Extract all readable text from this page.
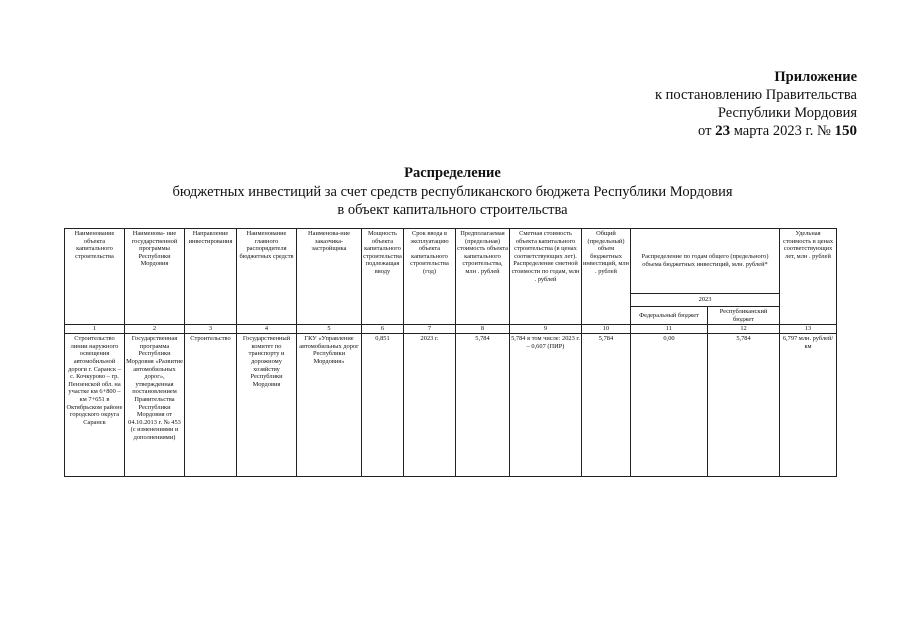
Приложение
к постановлению Правительства
Республики Мордовия
от 23 марта 2023 г. № 150
Распределение
бюджетных инвестиций за счет средств республиканского бюджета Республики Мордовия
в объект капитального строительства
Наименование объекта капитального строительства	Наименова- ние государственной программы Республики Мордовия	Направление инвестирования	Наименование главного распорядителя бюджетных средств	Наименова-ние заказчика-застройщика	Мощность объекта капитального строительства подлежащая вводу	Срок ввода в эксплуатацию объекта капитального строительства (год)	Предполагаемая (предельная) стоимость объекта капитального строительства, млн . рублей	Сметная стоимость объекта капитального строительства (в ценах соответствующих лет). Распределение сметной стоимости по годам, млн . рублей	Общий (предельный) объем бюджетных инвестиций, млн . рублей	Распределение по годам общего (предельного) объема бюджетных инвестиций, млн. рублей*		Удельная стоимость в ценах соответствующих лет, млн . рублей
										2023		
										Федеральный бюджет	Республиканский бюджет	
1	2	3	4	5	6	7	8	9	10	11	12	13
Строительство линии наружного освещения автомобильной дороги г. Саранск – с. Кочкурово – гр. Пензенской обл. на участке км 6+800 – км 7+651 в Октябрьском районе городского округа Саранск	Государственная программа Республики Мордовия «Развитие автомобильных дорог», утвержденная постановлением Правительства Республики Мордовия от 04.10.2013 г. № 453 (с изменениями и дополнениями)	Строительство	Государственный комитет по транспорту и дорожному хозяйству Республики Мордовия	ГКУ «Управление автомобильных дорог Республики Мордовия»	0,851	2023 г.	5,784	5,784 в том числе: 2023 г. – 0,607 (ПИР)	5,784	0,00	5,784	6,797 млн. рублей/км
